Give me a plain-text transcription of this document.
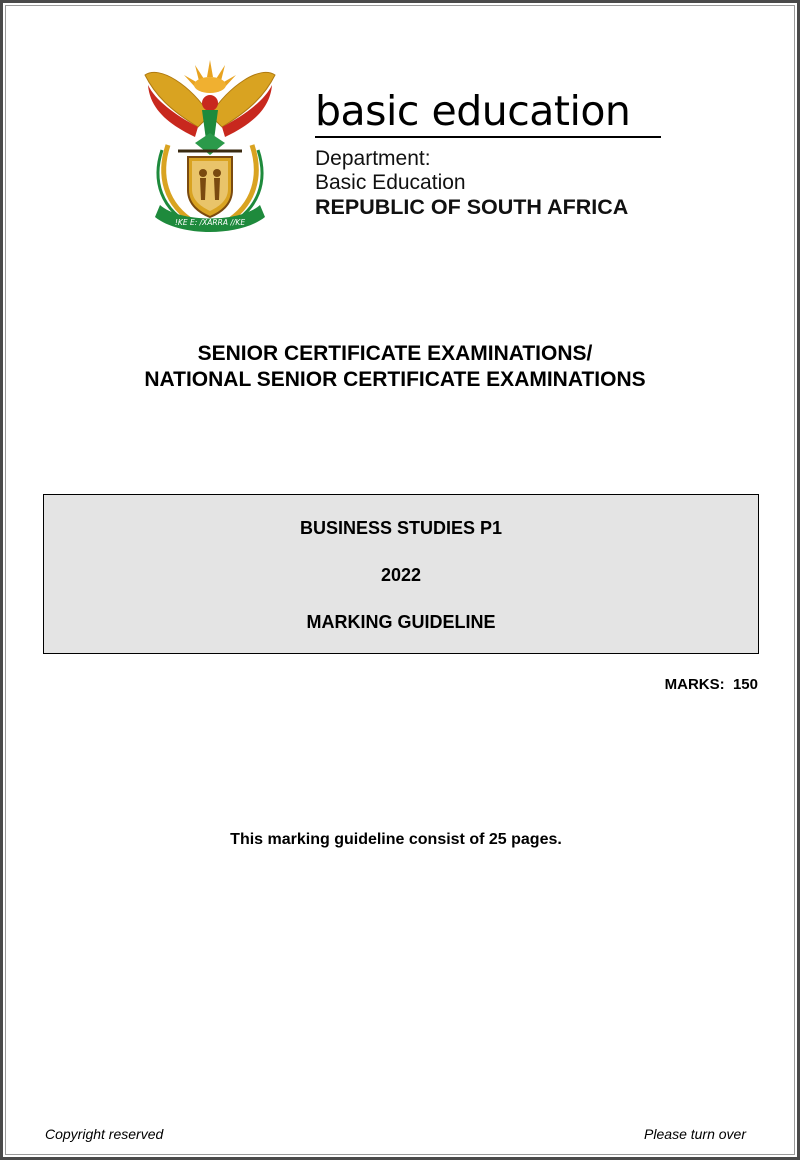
!KE E: /XARRA //KE
basic education
Department:
Basic Education
REPUBLIC OF SOUTH AFRICA
SENIOR CERTIFICATE EXAMINATIONS/
NATIONAL SENIOR CERTIFICATE EXAMINATIONS
BUSINESS STUDIES P1
2022
MARKING GUIDELINE
MARKS:  150
This marking guideline consist of 25 pages.
Copyright reserved	Please turn over
